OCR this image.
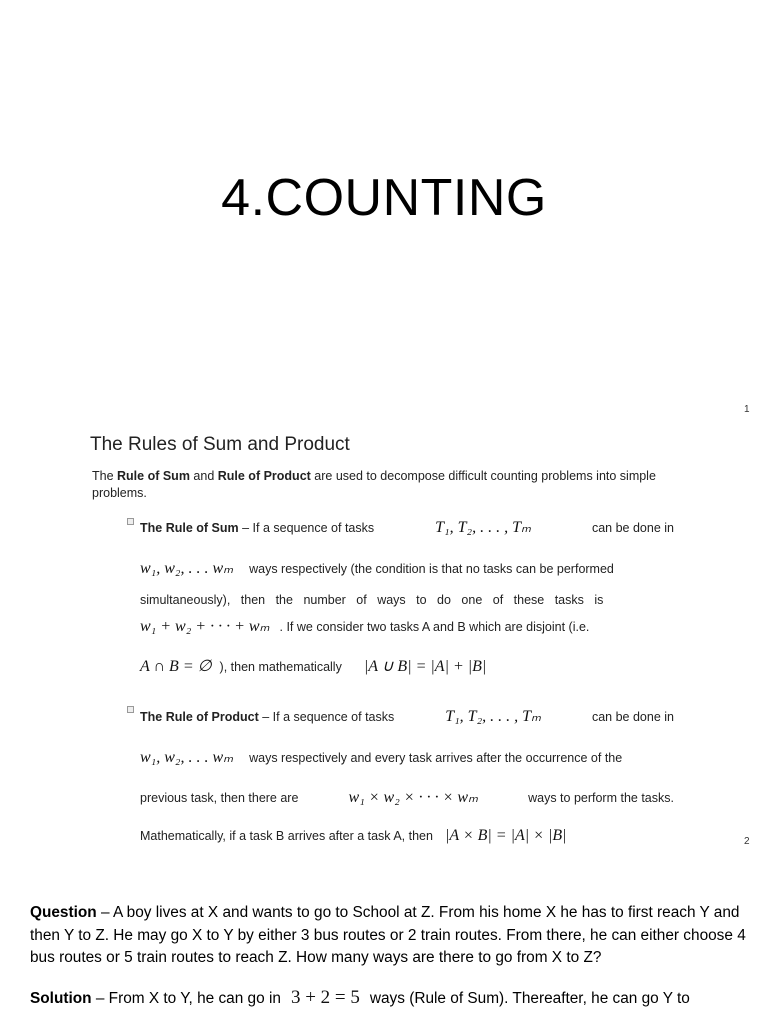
4.COUNTING
1
The Rules of Sum and Product
The Rule of Sum and Rule of Product are used to decompose difficult counting problems into simple problems.
The Rule of Sum – If a sequence of tasks	T₁, T₂, . . . , Tₘ	can be done in
w₁, w₂, . . . wₘ ways respectively (the condition is that no tasks can be performed
simultaneously), then the number of ways to do one of these tasks is
w₁ + w₂ + · · · + wₘ . If we consider two tasks A and B which are disjoint (i.e.
A ∩ B = ∅ ), then mathematically |A ∪ B| = |A| + |B|
The Rule of Product – If a sequence of tasks	T₁, T₂, . . . , Tₘ	can be done in
w₁, w₂, . . . wₘ ways respectively and every task arrives after the occurrence of the
previous task, then there are	w₁ × w₂ × · · · × wₘ	ways to perform the tasks.
Mathematically, if a task B arrives after a task A, then |A × B| = |A| × |B|	2
Question – A boy lives at X and wants to go to School at Z. From his home X he has to first reach Y and then Y to Z. He may go X to Y by either 3 bus routes or 2 train routes. From there, he can either choose 4 bus routes or 5 train routes to reach Z. How many ways are there to go from X to Z?
Solution – From X to Y, he can go in 3 + 2 = 5 ways (Rule of Sum). Thereafter, he can go Y to
